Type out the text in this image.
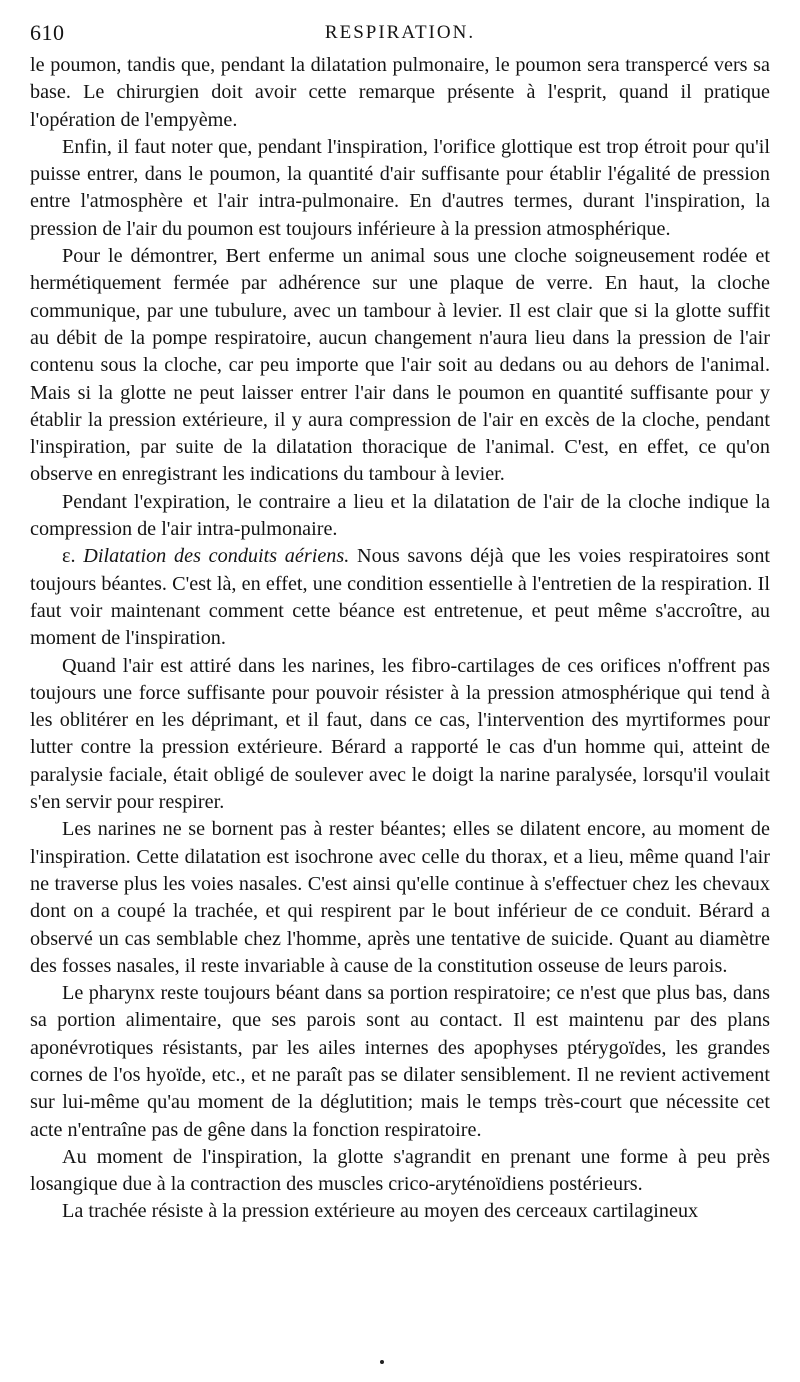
610	RESPIRATION.

le poumon, tandis que, pendant la dilatation pulmonaire, le poumon sera transpercé vers sa base. Le chirurgien doit avoir cette remarque présente à l'esprit, quand il pratique l'opération de l'empyème.

Enfin, il faut noter que, pendant l'inspiration, l'orifice glottique est trop étroit pour qu'il puisse entrer, dans le poumon, la quantité d'air suffisante pour établir l'égalité de pression entre l'atmosphère et l'air intra-pulmonaire. En d'autres termes, durant l'inspiration, la pression de l'air du poumon est toujours inférieure à la pression atmosphérique.

Pour le démontrer, Bert enferme un animal sous une cloche soigneusement rodée et hermétiquement fermée par adhérence sur une plaque de verre. En haut, la cloche communique, par une tubulure, avec un tambour à levier. Il est clair que si la glotte suffit au débit de la pompe respiratoire, aucun changement n'aura lieu dans la pression de l'air contenu sous la cloche, car peu importe que l'air soit au dedans ou au dehors de l'animal. Mais si la glotte ne peut laisser entrer l'air dans le poumon en quantité suffisante pour y établir la pression extérieure, il y aura compression de l'air en excès de la cloche, pendant l'inspiration, par suite de la dilatation thoracique de l'animal. C'est, en effet, ce qu'on observe en enregistrant les indications du tambour à levier.

Pendant l'expiration, le contraire a lieu et la dilatation de l'air de la cloche indique la compression de l'air intra-pulmonaire.

ε. Dilatation des conduits aériens. Nous savons déjà que les voies respiratoires sont toujours béantes. C'est là, en effet, une condition essentielle à l'entretien de la respiration. Il faut voir maintenant comment cette béance est entretenue, et peut même s'accroître, au moment de l'inspiration.

Quand l'air est attiré dans les narines, les fibro-cartilages de ces orifices n'offrent pas toujours une force suffisante pour pouvoir résister à la pression atmosphérique qui tend à les oblitérer en les déprimant, et il faut, dans ce cas, l'intervention des myrtiformes pour lutter contre la pression extérieure. Bérard a rapporté le cas d'un homme qui, atteint de paralysie faciale, était obligé de soulever avec le doigt la narine paralysée, lorsqu'il voulait s'en servir pour respirer.

Les narines ne se bornent pas à rester béantes; elles se dilatent encore, au moment de l'inspiration. Cette dilatation est isochrone avec celle du thorax, et a lieu, même quand l'air ne traverse plus les voies nasales. C'est ainsi qu'elle continue à s'effectuer chez les chevaux dont on a coupé la trachée, et qui respirent par le bout inférieur de ce conduit. Bérard a observé un cas semblable chez l'homme, après une tentative de suicide. Quant au diamètre des fosses nasales, il reste invariable à cause de la constitution osseuse de leurs parois.

Le pharynx reste toujours béant dans sa portion respiratoire; ce n'est que plus bas, dans sa portion alimentaire, que ses parois sont au contact. Il est maintenu par des plans aponévrotiques résistants, par les ailes internes des apophyses ptérygoïdes, les grandes cornes de l'os hyoïde, etc., et ne paraît pas se dilater sensiblement. Il ne revient activement sur lui-même qu'au moment de la déglutition; mais le temps très-court que nécessite cet acte n'entraîne pas de gêne dans la fonction respiratoire.

Au moment de l'inspiration, la glotte s'agrandit en prenant une forme à peu près losangique due à la contraction des muscles crico-aryténoïdiens postérieurs.

La trachée résiste à la pression extérieure au moyen des cerceaux cartilagineux
